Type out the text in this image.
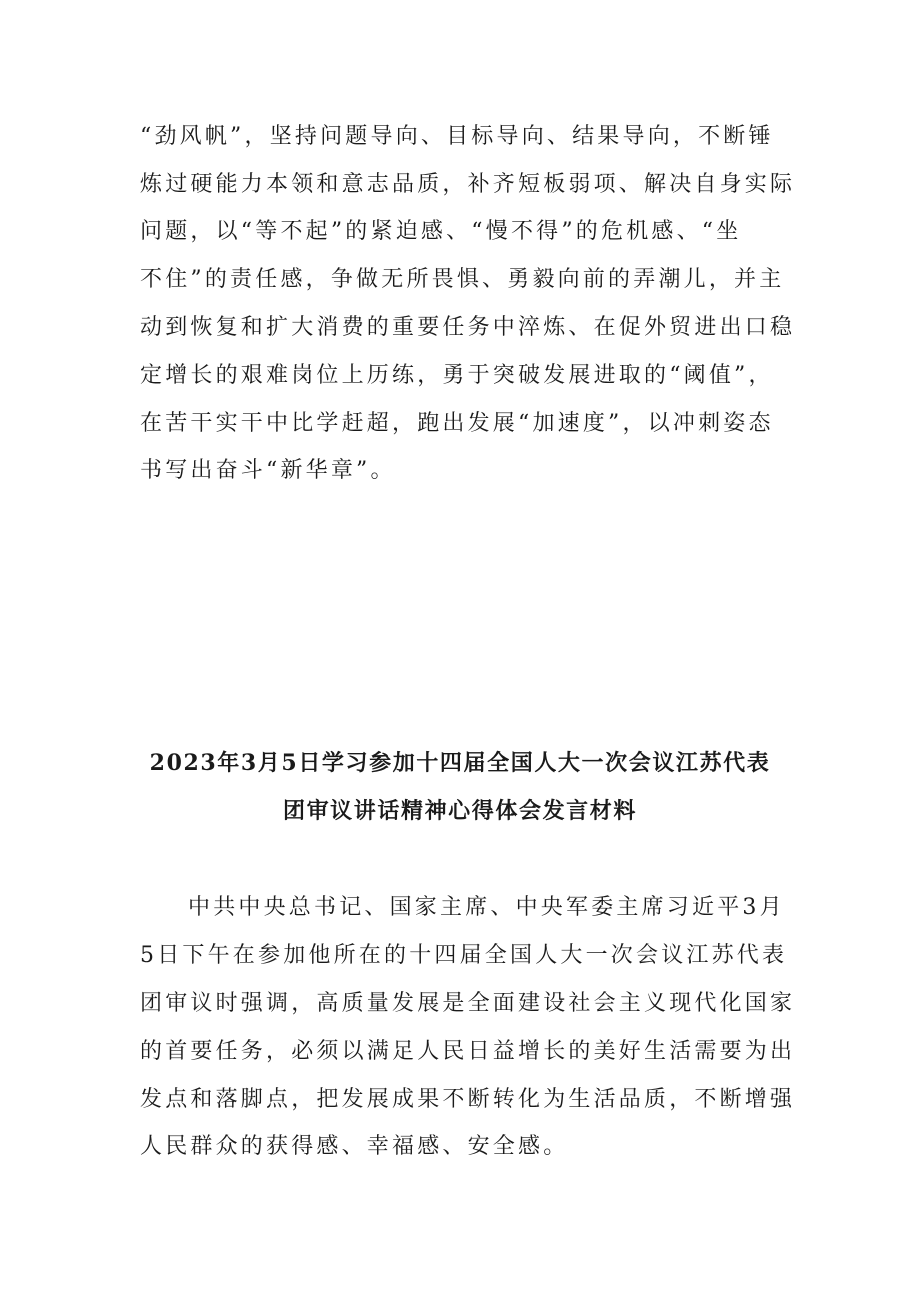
“劲风帆”，坚持问题导向、目标导向、结果导向，不断锤
炼过硬能力本领和意志品质，补齐短板弱项、解决自身实际
问题，以“等不起”的紧迫感、“慢不得”的危机感、“坐
不住”的责任感，争做无所畏惧、勇毅向前的弄潮儿，并主
动到恢复和扩大消费的重要任务中淬炼、在促外贸进出口稳
定增长的艰难岗位上历练，勇于突破发展进取的“阈值”，
在苦干实干中比学赶超，跑出发展“加速度”，以冲刺姿态
书写出奋斗“新华章”。
2023年3月5日学习参加十四届全国人大一次会议江苏代表
团审议讲话精神心得体会发言材料
中共中央总书记、国家主席、中央军委主席习近平3月
5日下午在参加他所在的十四届全国人大一次会议江苏代表
团审议时强调，高质量发展是全面建设社会主义现代化国家
的首要任务，必须以满足人民日益增长的美好生活需要为出
发点和落脚点，把发展成果不断转化为生活品质，不断增强
人民群众的获得感、幸福感、安全感。
